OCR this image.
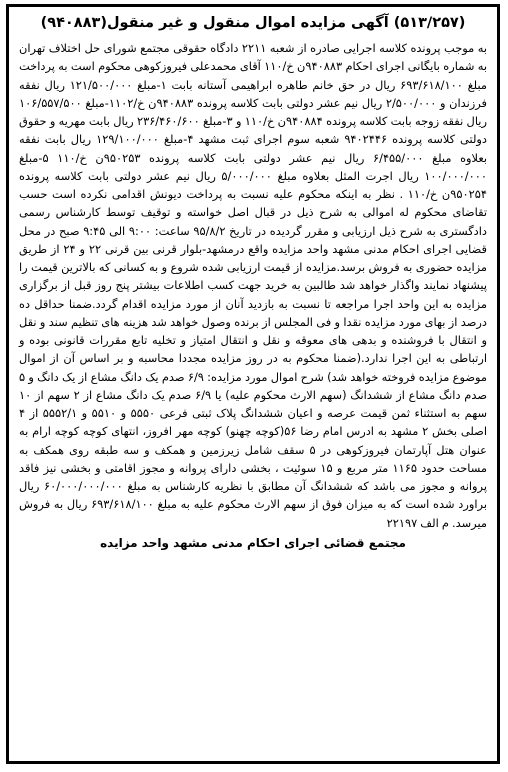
(۵۱۳/۲۵۷) آگهی مزایده اموال منقول و غیر منقول(۹۴۰۸۸۳)

به موجب پرونده کلاسه اجرایی صادره از شعبه ۲۲۱۱ دادگاه حقوقی مجتمع شورای حل اختلاف تهران به شماره بایگانی اجرای احکام ۹۴۰۸۸۳ن خ/۱۱۰ آقای محمدعلی فیروزکوهی محکوم است به پرداخت مبلغ ۶۹۳/۶۱۸/۱۰۰ ریال در حق خانم طاهره ابراهیمی آستانه بابت ۱-مبلغ ۱۲۱/۵۰۰/۰۰۰ ریال نفقه فرزندان و ۲/۵۰۰/۰۰۰ ریال نیم عشر دولتی بابت کلاسه پرونده ۹۴۰۸۸۳ن خ/۱۱۰۲-مبلغ ۱۰۶/۵۵۷/۵۰۰ ریال نفقه زوجه بابت کلاسه پرونده ۹۴۰۸۸۴ن خ/۱۱۰ و ۳-مبلغ ۲۳۶/۴۶۰/۶۰۰ ریال بابت مهریه و حقوق دولتی کلاسه پرونده ۹۴۰۲۴۴۶ شعبه سوم اجرای ثبت مشهد ۴-مبلغ ۱۲۹/۱۰۰/۰۰۰ ریال بابت نفقه بعلاوه مبلغ ۶/۴۵۵/۰۰۰ ریال نیم عشر دولتی بابت کلاسه پرونده ۹۵۰۲۵۳ن خ/۱۱۰ ۵-مبلغ ۱۰۰/۰۰۰/۰۰۰ ریال اجرت المثل بعلاوه مبلغ ۵/۰۰۰/۰۰۰ ریال نیم عشر دولتی بابت کلاسه پرونده ۹۵۰۲۵۴ن خ/۱۱۰ . نظر به اینکه محکوم علیه نسبت به پرداخت دیونش اقدامی نکرده است حسب تقاضای محکوم له اموالی به شرح ذیل در قبال اصل خواسته و توقیف توسط کارشناس رسمی دادگستری به شرح ذیل ارزیابی و مقرر گردیده در تاریخ ۹۵/۸/۲ ساعت: ۹:۰۰ الی ۹:۴۵ صبح در محل قضایی اجرای احکام مدنی مشهد واحد مزایده واقع درمشهد-بلوار قرنی بین قرنی ۲۲ و ۲۴ از طریق مزایده حضوری به فروش برسد.مزایده از قیمت ارزیابی شده شروع و به کسانی که بالاترین قیمت را پیشنهاد نمایند واگذار خواهد شد طالبین به خرید جهت کسب اطلاعات بیشتر پنج روز قبل از برگزاری مزایده به این واحد اجرا مراجعه تا نسبت به بازدید آنان از مورد مزایده اقدام گردد.ضمنا حداقل ده درصد از بهای مورد مزایده نقدا و فی المجلس از برنده وصول خواهد شد هزینه های تنظیم سند و نقل و انتقال با فروشنده و بدهی های معوقه و نقل و انتقال امتیاز و تخلیه تابع مقررات قانونی بوده و ارتباطی به این اجرا ندارد.(ضمنا محکوم به در روز مزایده مجددا محاسبه و بر اساس آن از اموال موضوع مزایده فروخته خواهد شد) شرح اموال مورد مزایده: ۶/۹ صدم یک دانگ مشاع از یک دانگ و ۵ صدم دانگ مشاع از ششدانگ (سهم الارث محکوم علیه) یا ۶/۹ صدم یک دانگ مشاع از ۲ سهم از ۱۰ سهم به استثناء ثمن قیمت عرصه و اعیان ششدانگ پلاک ثبتی فرعی ۵۵۵۰ و ۵۵۱۰ و ۵۵۵۲/۱ از ۴ اصلی بخش ۲ مشهد به ادرس امام رضا ۵۶(کوچه چهنو) کوچه مهر افروز، انتهای کوچه کوچه ارام به عنوان هتل آپارتمان فیروزکوهی در ۵ سقف شامل زیرزمین و همکف و سه طبقه روی همکف به مساحت حدود ۱۱۶۵ متر مربع و ۱۵ سوئیت ، بخشی دارای پروانه و مجوز اقامتی و بخشی نیز فاقد پروانه و مجوز می باشد که ششدانگ آن مطابق با نظریه کارشناس به مبلغ ۶۰/۰۰۰/۰۰۰/۰۰۰ ریال براورد شده است که به میزان فوق از سهم الارث محکوم علیه به مبلغ ۶۹۳/۶۱۸/۱۰۰ ریال به فروش میرسد. م الف ۲۲۱۹۷

مجتمع قضائی اجرای احکام مدنی مشهد واحد مزایده
